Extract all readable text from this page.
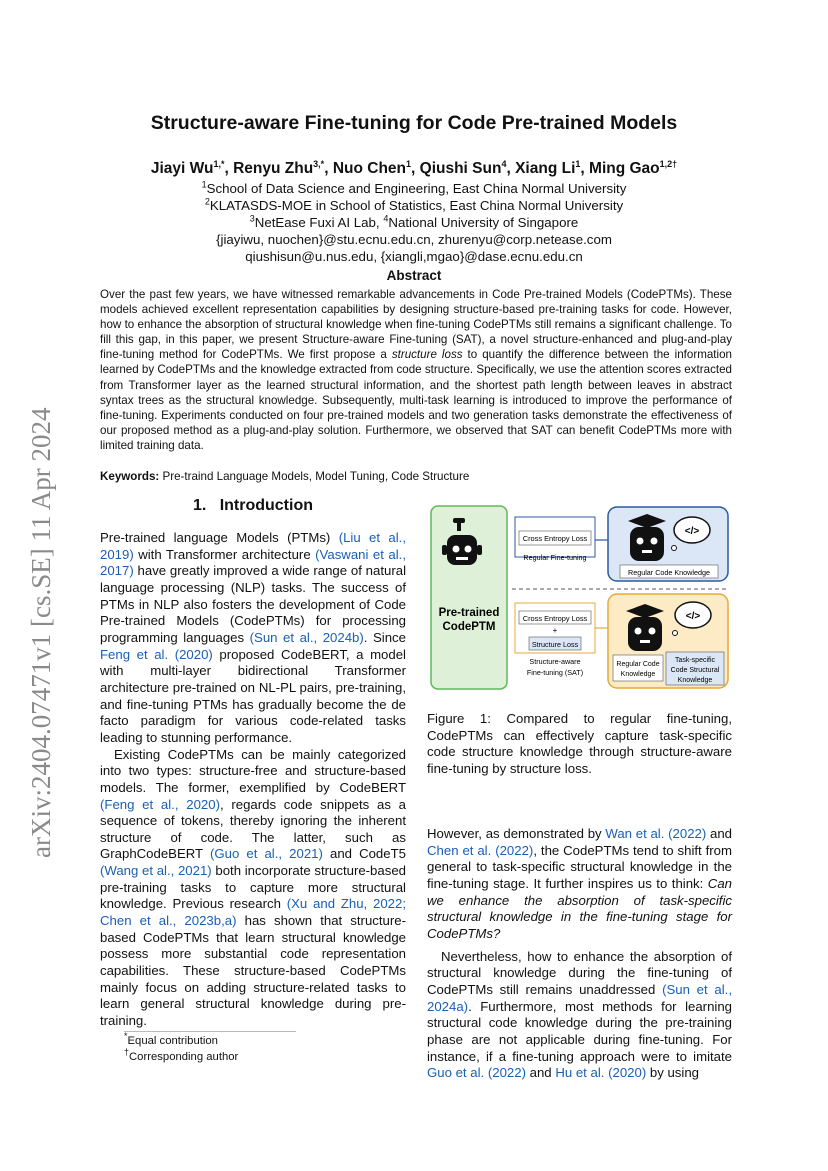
arXiv:2404.07471v1 [cs.SE] 11 Apr 2024
Structure-aware Fine-tuning for Code Pre-trained Models
Jiayi $Wu^{1,*}$, Renyu Zhu$^{3,*}$, Nuo Chen$^1$, Qiushi Sun$^4$, Xiang Li$^1$, Ming Gao$^{1,2\dagger}$
$^1$School of Data Science and Engineering, East China Normal University
$^2$KLATASDS-MOE in School of Statistics, East China Normal University
$^3$NetEase Fuxi AI Lab, $^4$National University of Singapore
{jiayiwu, nuochen}@stu.ecnu.edu.cn, zhurenyu@corp.netease.com
qiushisun@u.nus.edu, {xiangli,mgao}@dase.ecnu.edu.cn
Abstract
Over the past few years, we have witnessed remarkable advancements in Code Pre-trained Models (CodePTMs). These models achieved excellent representation capabilities by designing structure-based pre-training tasks for code. However, how to enhance the absorption of structural knowledge when fine-tuning CodePTMs still remains a significant challenge. To fill this gap, in this paper, we present Structure-aware Fine-tuning (SAT), a novel structure-enhanced and plug-and-play fine-tuning method for CodePTMs. We first propose a structure loss to quantify the difference between the information learned by CodePTMs and the knowledge extracted from code structure. Specifically, we use the attention scores extracted from Transformer layer as the learned structural information, and the shortest path length between leaves in abstract syntax trees as the structural knowledge. Subsequently, multi-task learning is introduced to improve the performance of fine-tuning. Experiments conducted on four pre-trained models and two generation tasks demonstrate the effectiveness of our proposed method as a plug-and-play solution. Furthermore, we observed that SAT can benefit CodePTMs more with limited training data.
Keywords: Pre-traind Language Models, Model Tuning, Code Structure
1. Introduction

Pre-trained language Models (PTMs) (Liu et al., 2019) with Transformer architecture (Vaswani et al., 2017) have greatly improved a wide range of natural language processing (NLP) tasks. The success of PTMs in NLP also fosters the development of Code Pre-trained Models (CodePTMs) for processing programming languages (Sun et al., 2024b). Since Feng et al. (2020) proposed CodeBERT, a model with multi-layer bidirectional Transformer architecture pre-trained on NL-PL pairs, pre-training, and fine-tuning PTMs has gradually become the de facto paradigm for various code-related tasks leading to stunning performance.

Existing CodePTMs can be mainly categorized into two types: structure-free and structure-based models. The former, exemplified by CodeBERT (Feng et al., 2020), regards code snippets as a sequence of tokens, thereby ignoring the inherent structure of code. The latter, such as GraphCodeBERT (Guo et al., 2021) and CodeT5 (Wang et al., 2021) both incorporate structure-based pre-training tasks to capture more structural knowledge. Previous research (Xu and Zhu, 2022; Chen et al., 2023b,a) has shown that structure-based CodePTMs that learn structural knowledge possess more substantial code representation capabilities. These structure-based CodePTMs mainly focus on adding structure-related tasks to learn general structural knowledge during pre-training.

Pre-trained
CodePTM
Cross Entropy Loss
Regular Fine-tuning
</>
Regular Code Knowledge
Cross Entropy Loss
+
Structure Loss
Structure-aware
Fine-tuning (SAT)
</>
Regular Code
Knowledge
Task-specific
Code Structural
Knowledge
Figure 1: Compared to regular fine-tuning, CodePTMs can effectively capture task-specific code structure knowledge through structure-aware fine-tuning by structure loss.

However, as demonstrated by Wan et al. (2022) and Chen et al. (2022), the CodePTMs tend to shift from general to task-specific structural knowledge in the fine-tuning stage. It further inspires us to think: Can we enhance the absorption of task-specific structural knowledge in the fine-tuning stage for CodePTMs?

Nevertheless, how to enhance the absorption of structural knowledge during the fine-tuning of CodePTMs still remains unaddressed (Sun et al., 2024a). Furthermore, most methods for learning structural code knowledge during the pre-training phase are not applicable during fine-tuning. For instance, if a fine-tuning approach were to imitate Guo et al. (2022) and Hu et al. (2020) by using

*Equal contribution
†Corresponding author
